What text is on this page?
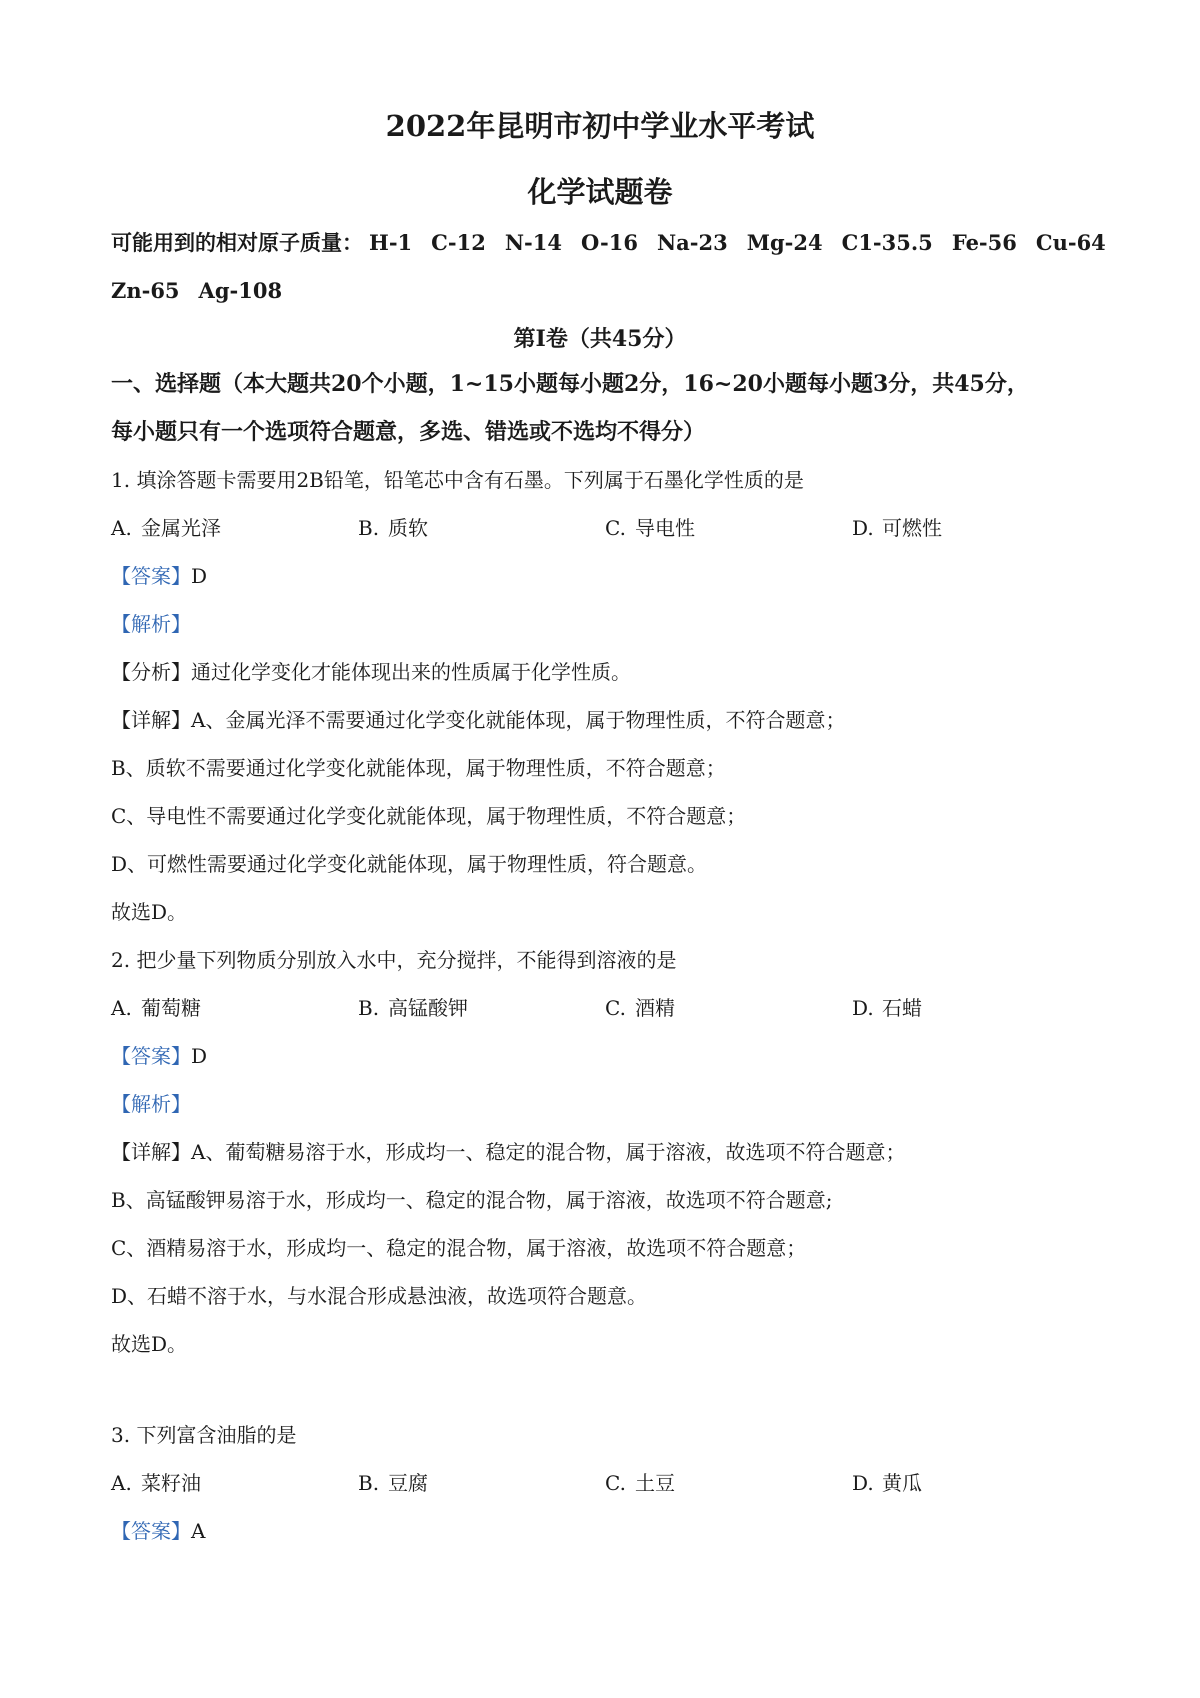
2022年昆明市初中学业水平考试
化学试题卷
可能用到的相对原子质量： H-1 C-12 N-14 O-16 Na-23 Mg-24 C1-35.5 Fe-56 Cu-64
Zn-65 Ag-108
第Ⅰ卷（共45分）
一、选择题（本大题共20个小题，1~15小题每小题2分，16~20小题每小题3分，共45分，
每小题只有一个选项符合题意，多选、错选或不选均不得分）
1. 填涂答题卡需要用2B铅笔，铅笔芯中含有石墨。下列属于石墨化学性质的是
A. 金属光泽	B. 质软	C. 导电性	D. 可燃性
【答案】D
【解析】
【分析】通过化学变化才能体现出来的性质属于化学性质。
【详解】A、金属光泽不需要通过化学变化就能体现，属于物理性质，不符合题意；
B、质软不需要通过化学变化就能体现，属于物理性质，不符合题意；
C、导电性不需要通过化学变化就能体现，属于物理性质，不符合题意；
D、可燃性需要通过化学变化就能体现，属于物理性质，符合题意。
故选D。
2. 把少量下列物质分别放入水中，充分搅拌，不能得到溶液的是
A. 葡萄糖	B. 高锰酸钾	C. 酒精	D. 石蜡
【答案】D
【解析】
【详解】A、葡萄糖易溶于水，形成均一、稳定的混合物，属于溶液，故选项不符合题意；
B、高锰酸钾易溶于水，形成均一、稳定的混合物，属于溶液，故选项不符合题意;
C、酒精易溶于水，形成均一、稳定的混合物，属于溶液，故选项不符合题意；
D、石蜡不溶于水，与水混合形成悬浊液，故选项符合题意。
故选D。
3. 下列富含油脂的是
A. 菜籽油	B. 豆腐	C. 土豆	D. 黄瓜
【答案】A
